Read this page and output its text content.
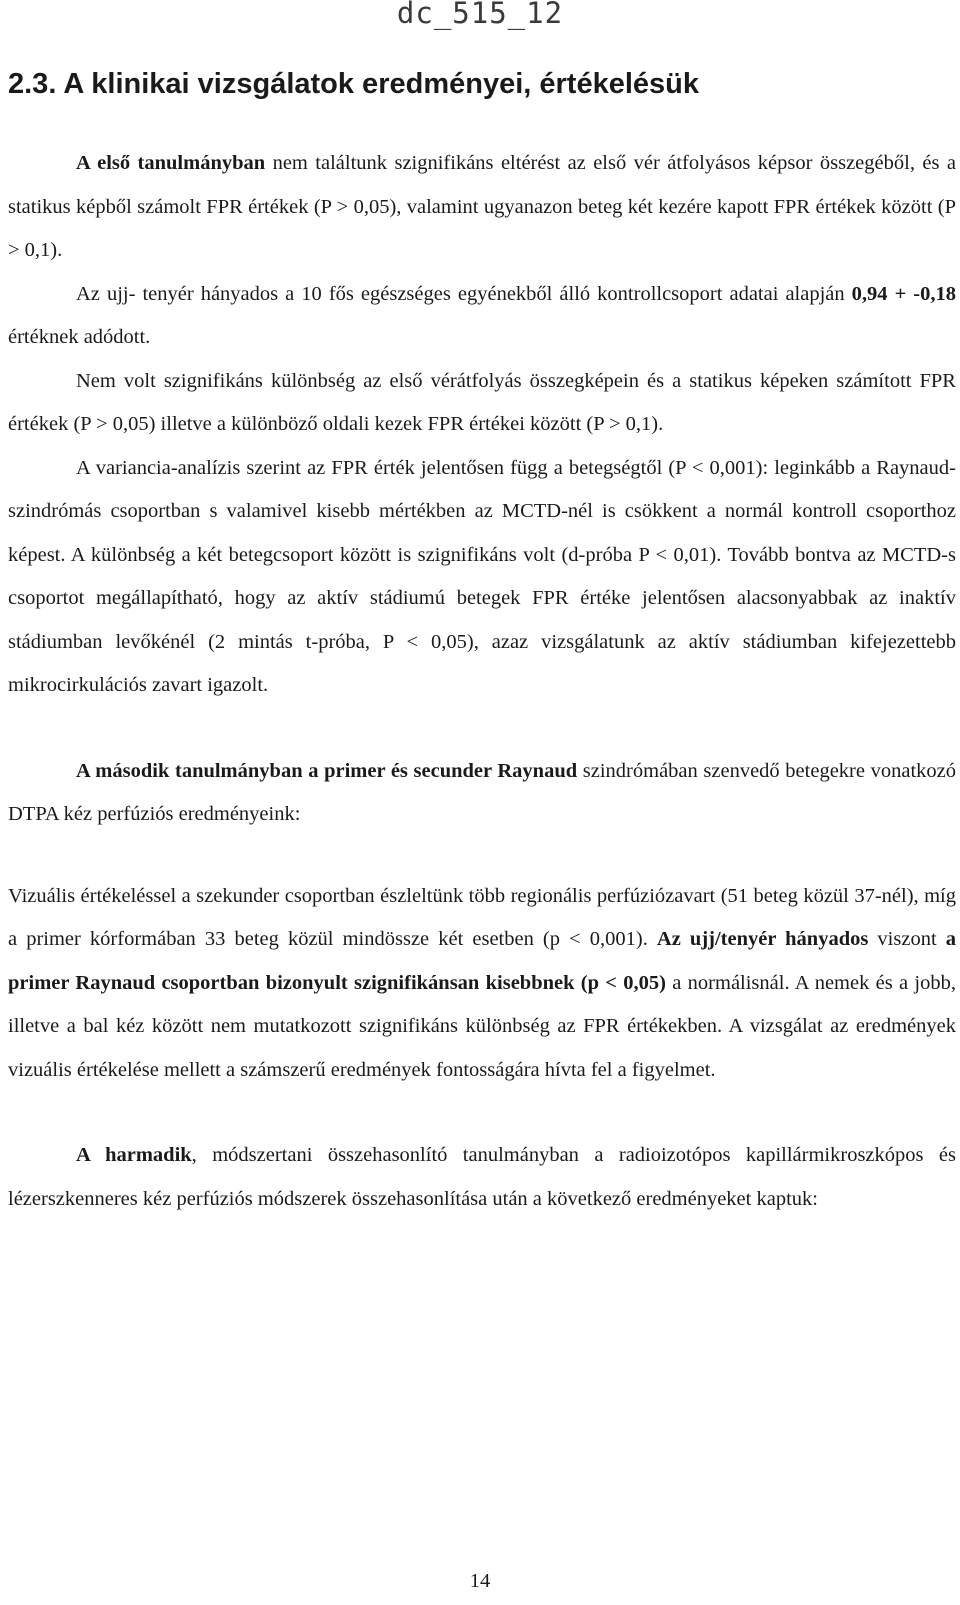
dc_515_12
2.3. A klinikai vizsgálatok eredményei, értékelésük

A első tanulmányban nem találtunk szignifikáns eltérést az első vér átfolyásos képsor összegéből, és a statikus képből számolt FPR értékek (P > 0,05), valamint ugyanazon beteg két kezére kapott FPR értékek között (P > 0,1).

Az ujj- tenyér hányados a 10 fős egészséges egyénekből álló kontrollcsoport adatai alapján 0,94 + -0,18 értéknek adódott.

Nem volt szignifikáns különbség az első vérátfolyás összegképein és a statikus képeken számított FPR értékek (P > 0,05) illetve a különböző oldali kezek FPR értékei között (P > 0,1).

A variancia-analízis szerint az FPR érték jelentősen függ a betegségtől (P < 0,001): leginkább a Raynaud-szindrómás csoportban s valamivel kisebb mértékben az MCTD-nél is csökkent a normál kontroll csoporthoz képest. A különbség a két betegcsoport között is szignifikáns volt (d-próba P < 0,01). Tovább bontva az MCTD-s csoportot megállapítható, hogy az aktív stádiumú betegek FPR értéke jelentősen alacsonyabbak az inaktív stádiumban levőkénél (2 mintás t-próba, P < 0,05), azaz vizsgálatunk az aktív stádiumban kifejezettebb mikrocirkulációs zavart igazolt.

A második tanulmányban a primer és secunder Raynaud szindrómában szenvedő betegekre vonatkozó DTPA kéz perfúziós eredményeink:

Vizuális értékeléssel a szekunder csoportban észleltünk több regionális perfúziózavart (51 beteg közül 37-nél), míg a primer kórformában 33 beteg közül mindössze két esetben (p < 0,001). Az ujj/tenyér hányados viszont a primer Raynaud csoportban bizonyult szignifikánsan kisebbnek (p < 0,05) a normálisnál. A nemek és a jobb, illetve a bal kéz között nem mutatkozott szignifikáns különbség az FPR értékekben. A vizsgálat az eredmények vizuális értékelése mellett a számszerű eredmények fontosságára hívta fel a figyelmet.

A harmadik, módszertani összehasonlító tanulmányban a radioizotópos kapillármikroszkópos és lézerszkenneres kéz perfúziós módszerek összehasonlítása után a következő eredményeket kaptuk:

14
